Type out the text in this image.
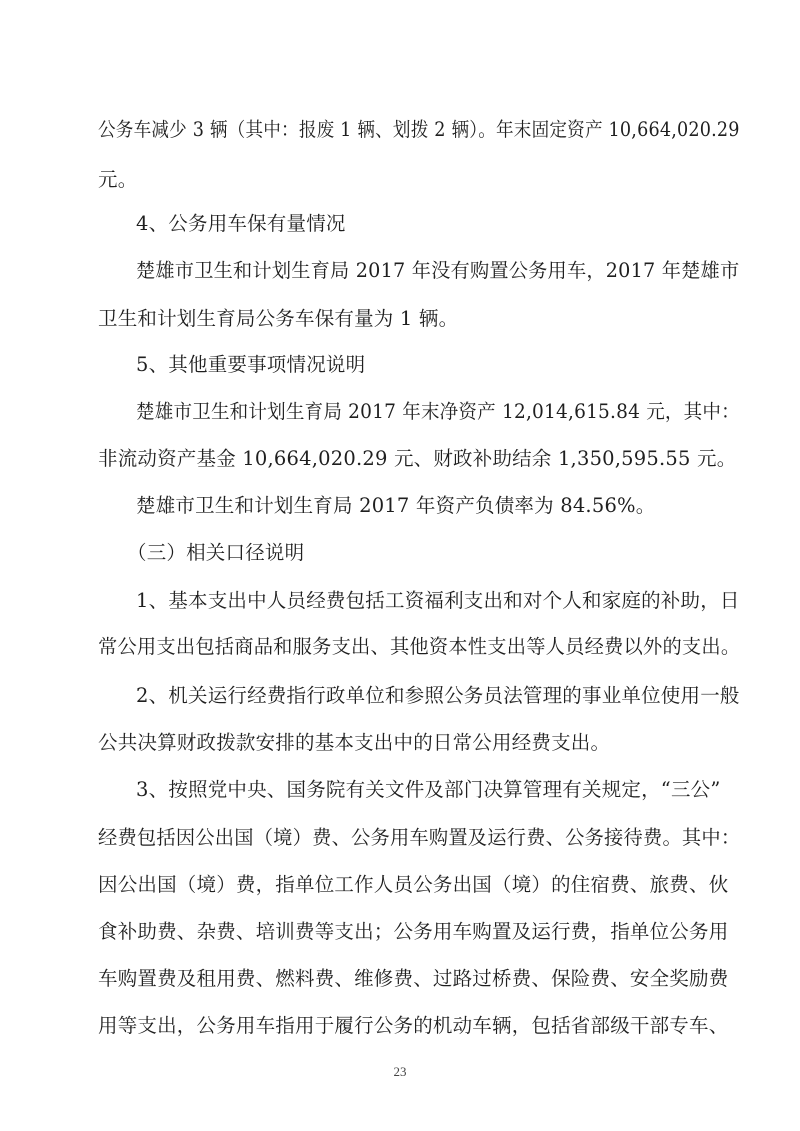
公务车减少 3 辆（其中：报废 1 辆、划拨 2 辆）。年末固定资产 10,664,020.29
元。
4、公务用车保有量情况
楚雄市卫生和计划生育局 2017 年没有购置公务用车，2017 年楚雄市
卫生和计划生育局公务车保有量为 1 辆。
5、其他重要事项情况说明
楚雄市卫生和计划生育局 2017 年末净资产 12,014,615.84 元，其中：
非流动资产基金 10,664,020.29 元、财政补助结余 1,350,595.55 元。
楚雄市卫生和计划生育局 2017 年资产负债率为 84.56%。
（三）相关口径说明
1、基本支出中人员经费包括工资福利支出和对个人和家庭的补助，日
常公用支出包括商品和服务支出、其他资本性支出等人员经费以外的支出。
2、机关运行经费指行政单位和参照公务员法管理的事业单位使用一般
公共决算财政拨款安排的基本支出中的日常公用经费支出。
3、按照党中央、国务院有关文件及部门决算管理有关规定，“三公”
经费包括因公出国（境）费、公务用车购置及运行费、公务接待费。其中：
因公出国（境）费，指单位工作人员公务出国（境）的住宿费、旅费、伙
食补助费、杂费、培训费等支出；公务用车购置及运行费，指单位公务用
车购置费及租用费、燃料费、维修费、过路过桥费、保险费、安全奖励费
用等支出，公务用车指用于履行公务的机动车辆，包括省部级干部专车、
23
